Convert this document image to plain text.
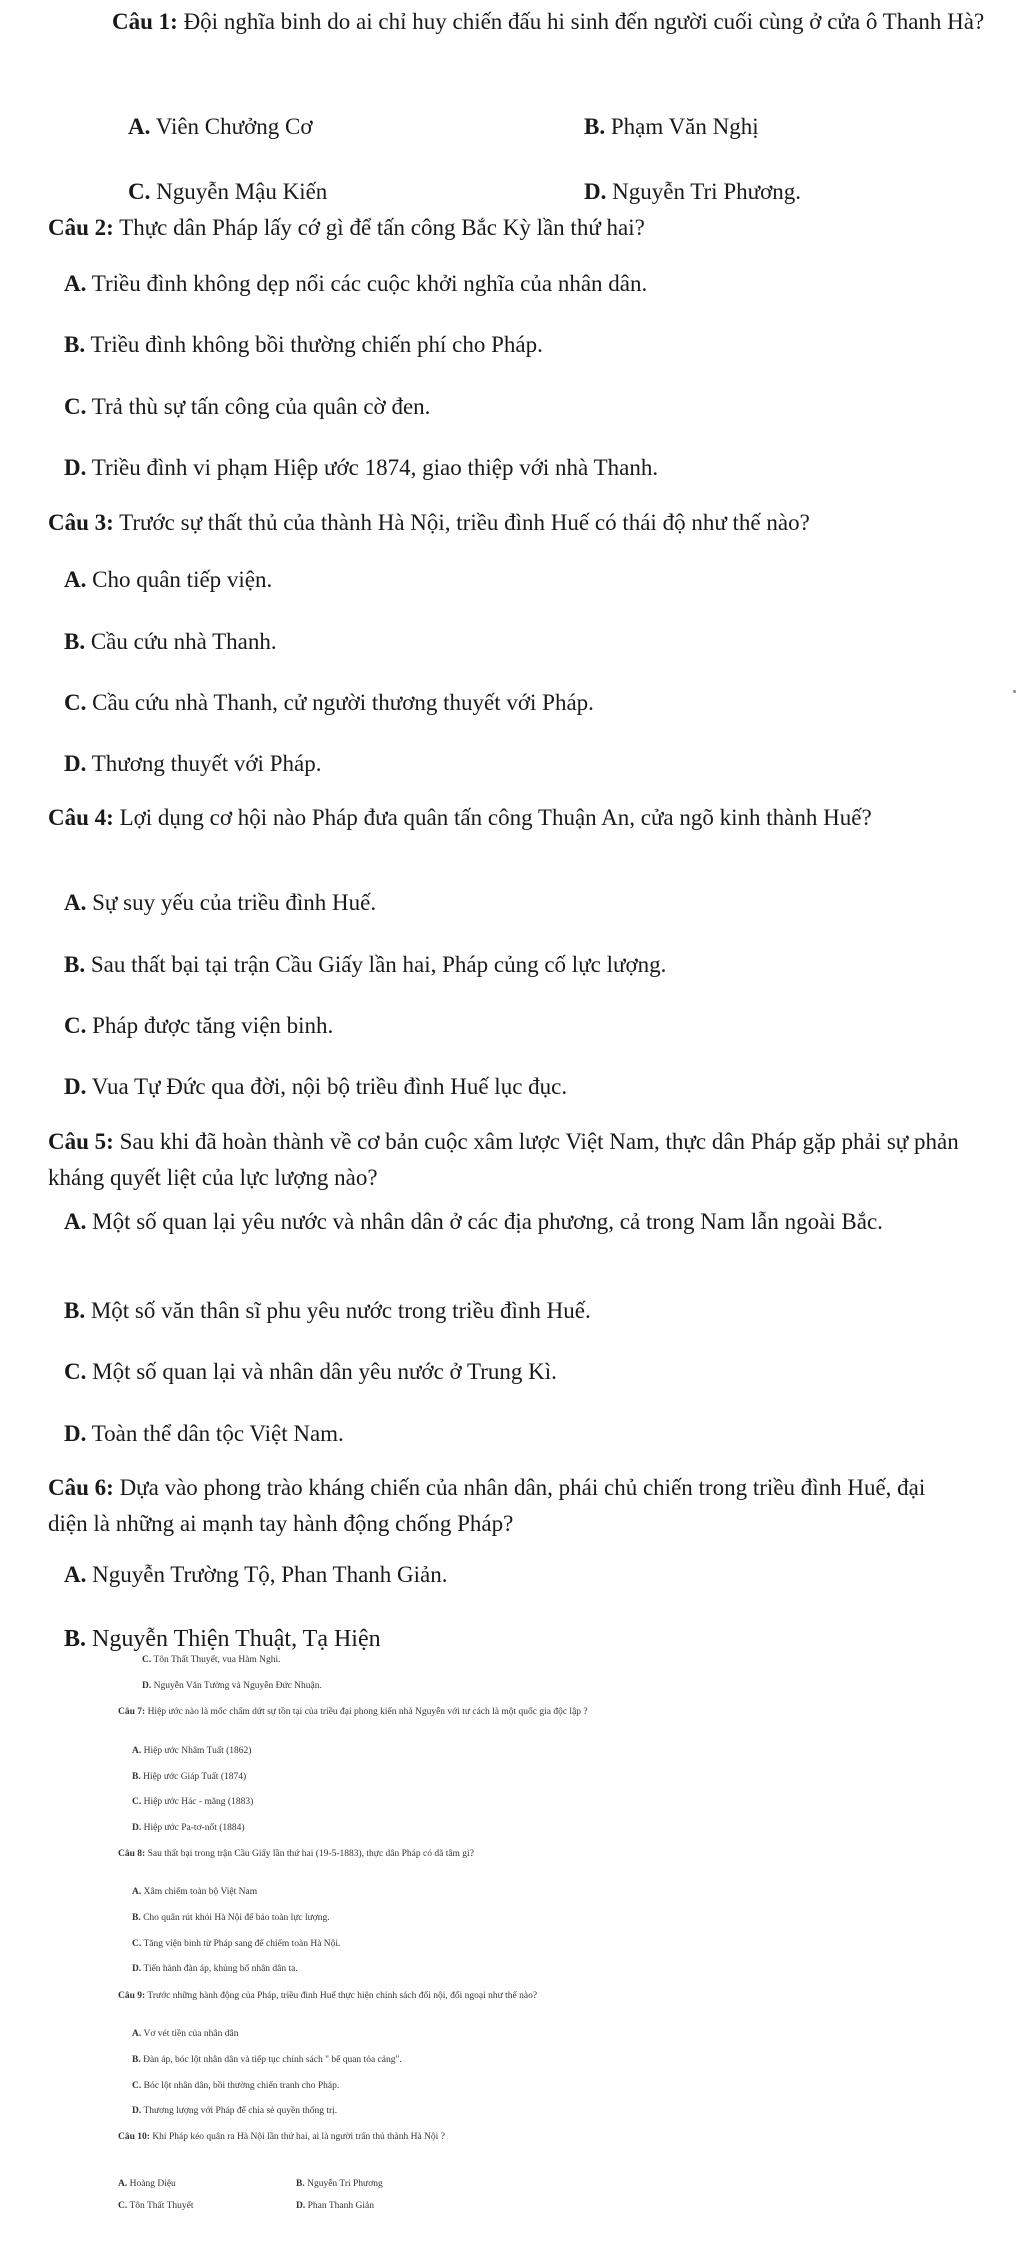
Câu 1: Đội nghĩa binh do ai chỉ huy chiến đấu hi sinh đến người cuối cùng ở cửa ô Thanh Hà?
A. Viên Chưởng Cơ	B. Phạm Văn Nghị
C. Nguyễn Mậu Kiến	D. Nguyễn Tri Phương.
Câu 2: Thực dân Pháp lấy cớ gì để tấn công Bắc Kỳ lần thứ hai?
A. Triều đình không dẹp nổi các cuộc khởi nghĩa của nhân dân.
B. Triều đình không bồi thường chiến phí cho Pháp.
C. Trả thù sự tấn công của quân cờ đen.
D. Triều đình vi phạm Hiệp ước 1874, giao thiệp với nhà Thanh.
Câu 3: Trước sự thất thủ của thành Hà Nội, triều đình Huế có thái độ như thế nào?
A. Cho quân tiếp viện.
B. Cầu cứu nhà Thanh.
C. Cầu cứu nhà Thanh, cử người thương thuyết với Pháp.
D. Thương thuyết với Pháp.
Câu 4: Lợi dụng cơ hội nào Pháp đưa quân tấn công Thuận An, cửa ngõ kinh thành Huế?
A. Sự suy yếu của triều đình Huế.
B. Sau thất bại tại trận Cầu Giấy lần hai, Pháp củng cố lực lượng.
C. Pháp được tăng viện binh.
D. Vua Tự Đức qua đời, nội bộ triều đình Huế lục đục.
Câu 5: Sau khi đã hoàn thành về cơ bản cuộc xâm lược Việt Nam, thực dân Pháp gặp phải sự phản kháng quyết liệt của lực lượng nào?
A. Một số quan lại yêu nước và nhân dân ở các địa phương, cả trong Nam lẫn ngoài Bắc.
B. Một số văn thân sĩ phu yêu nước trong triều đình Huế.
C. Một số quan lại và nhân dân yêu nước ở Trung Kì.
D. Toàn thể dân tộc Việt Nam.
Câu 6: Dựa vào phong trào kháng chiến của nhân dân, phái chủ chiến trong triều đình Huế, đại diện là những ai mạnh tay hành động chống Pháp?
A. Nguyễn Trường Tộ, Phan Thanh Giản.
B. Nguyễn Thiện Thuật, Tạ Hiện
C. Tôn Thất Thuyết, vua Hàm Nghi.
D. Nguyễn Văn Tường và Nguyễn Đức Nhuận.
Câu 7: Hiệp ước nào là mốc chấm dứt sự tồn tại của triều đại phong kiến nhà Nguyễn với tư cách là một quốc gia độc lập ?
A. Hiệp ước Nhâm Tuất (1862)
B. Hiệp ước Giáp Tuất (1874)
C. Hiệp ước Hác - măng (1883)
D. Hiệp ước Pa-tơ-nốt (1884)
Câu 8: Sau thất bại trong trận Cầu Giấy lần thứ hai (19-5-1883), thực dân Pháp có dã tâm gì?
A. Xâm chiếm toàn bộ Việt Nam
B. Cho quân rút khỏi Hà Nội để bảo toàn lực lượng.
C. Tăng viện binh từ Pháp sang để chiếm toàn Hà Nội.
D. Tiến hành đàn áp, khủng bố nhân dân ta.
Câu 9: Trước những hành động của Pháp, triều đình Huế thực hiện chính sách đối nội, đối ngoại như thế nào?
A. Vơ vét tiền của nhân dân
B. Đàn áp, bóc lột nhân dân và tiếp tục chính sách " bế quan tỏa cảng".
C. Bóc lột nhân dân, bồi thường chiến tranh cho Pháp.
D. Thương lượng với Pháp để chia sẻ quyền thống trị.
Câu 10: Khi Pháp kéo quân ra Hà Nội lần thứ hai, ai là người trấn thủ thành Hà Nội ?
A. Hoàng Diệu	B. Nguyễn Tri Phương
C. Tôn Thất Thuyết	D. Phan Thanh Giản
